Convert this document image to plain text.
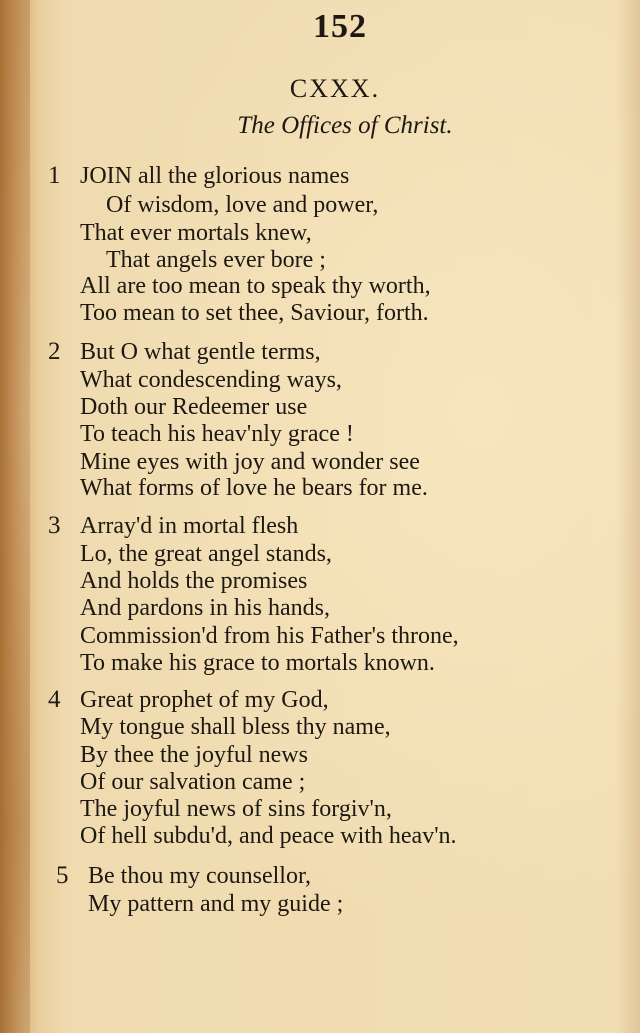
152
CXXX.
The Offices of Christ.
1 JOIN all the glorious names
Of wisdom, love and power,
That ever mortals knew,
That angels ever bore ;
All are too mean to speak thy worth,
Too mean to set thee, Saviour, forth.
2 But O what gentle terms,
What condescending ways,
Doth our Redeemer use
To teach his heav'nly grace !
Mine eyes with joy and wonder see
What forms of love he bears for me.
3 Array'd in mortal flesh
Lo, the great angel stands,
And holds the promises
And pardons in his hands,
Commission'd from his Father's throne,
To make his grace to mortals known.
4 Great prophet of my God,
My tongue shall bless thy name,
By thee the joyful news
Of our salvation came ;
The joyful news of sins forgiv'n,
Of hell subdu'd, and peace with heav'n.
5 Be thou my counsellor,
My pattern and my guide ;
